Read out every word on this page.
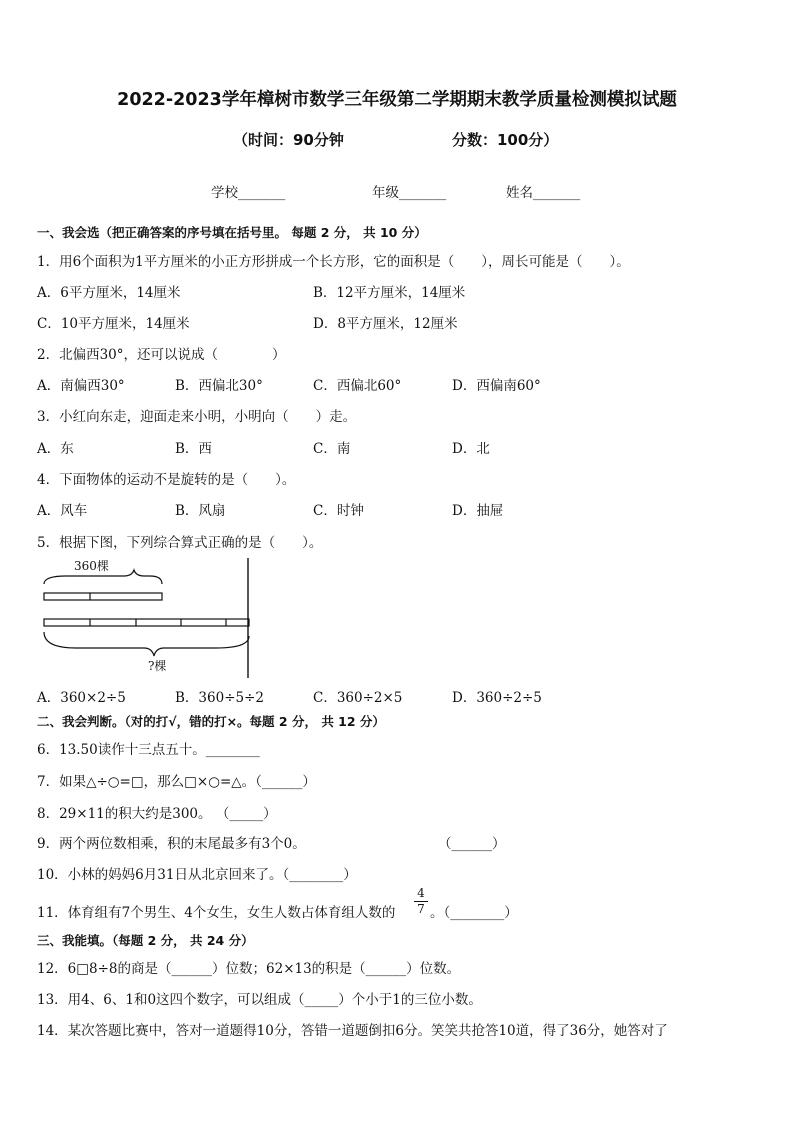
2022-2023学年樟树市数学三年级第二学期期末教学质量检测模拟试题
（时间：90分钟	分数：100分）
学校_______	年级_______	姓名_______
一、我会选（把正确答案的序号填在括号里。 每题 2 分， 共 10 分）
1．用6个面积为1平方厘米的小正方形拼成一个长方形，它的面积是（　　），周长可能是（　　）。
A．6平方厘米，14厘米	B．12平方厘米，14厘米
C．10平方厘米，14厘米	D．8平方厘米，12厘米
2．北偏西30°，还可以说成（　　　　）
A．南偏西30°	B．西偏北30°	C．西偏北60°	D．西偏南60°
3．小红向东走，迎面走来小明，小明向（　　）走。
A．东	B．西	C．南	D．北
4．下面物体的运动不是旋转的是（　　）。
A．风车	B．风扇	C．时钟	D．抽屉
5．根据下图，下列综合算式正确的是（　　）。
360棵
?棵
A．360×2÷5	B．360÷5÷2	C．360÷2×5	D．360÷2÷5
二、我会判断。（对的打√，错的打×。每题 2 分， 共 12 分）
6．13.50读作十三点五十。________
7．如果△÷○=□，那么□×○=△。（______）
8．29×11的积大约是300。 （_____）
9．两个两位数相乘，积的末尾最多有3个0。	（______）
10．小林的妈妈6月31日从北京回来了。（________）
11．体育组有7个男生、4个女生，女生人数占体育组人数的
4
7 。（________）
三、我能填。（每题 2 分， 共 24 分）
12．6□8÷8的商是（______）位数；62×13的积是（______）位数。
13．用4、6、1和0这四个数字，可以组成（_____）个小于1的三位小数。
14．某次答题比赛中，答对一道题得10分，答错一道题倒扣6分。笑笑共抢答10道，得了36分，她答对了
